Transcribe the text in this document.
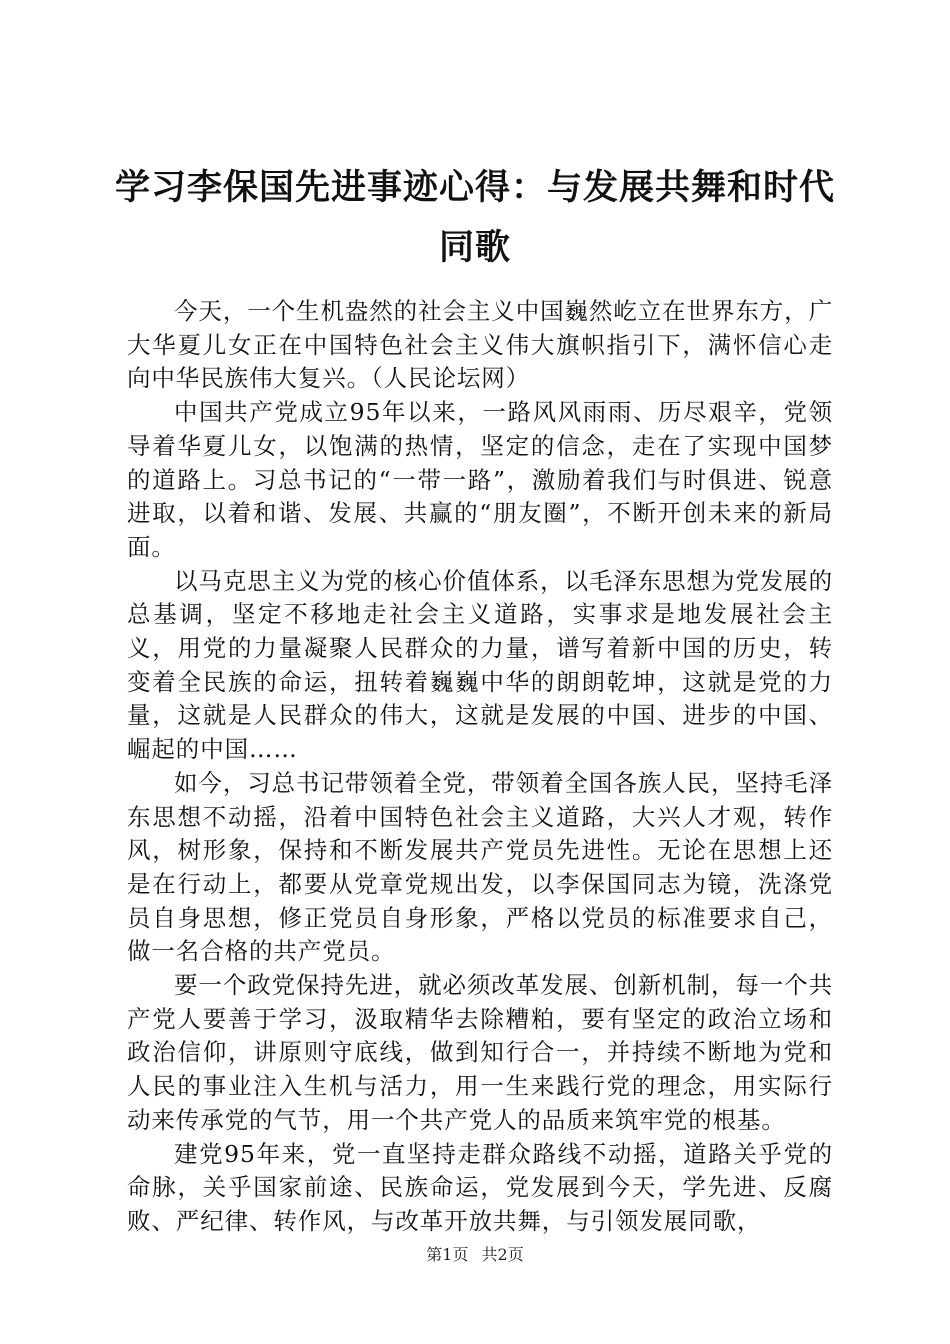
学习李保国先进事迹心得：与发展共舞和时代同歌

今天，一个生机盎然的社会主义中国巍然屹立在世界东方，广大华夏儿女正在中国特色社会主义伟大旗帜指引下，满怀信心走向中华民族伟大复兴。（人民论坛网）

中国共产党成立95年以来，一路风风雨雨、历尽艰辛，党领导着华夏儿女，以饱满的热情，坚定的信念，走在了实现中国梦的道路上。习总书记的“一带一路”，激励着我们与时俱进、锐意进取，以着和谐、发展、共赢的“朋友圈”，不断开创未来的新局面。

以马克思主义为党的核心价值体系，以毛泽东思想为党发展的总基调，坚定不移地走社会主义道路，实事求是地发展社会主义，用党的力量凝聚人民群众的力量，谱写着新中国的历史，转变着全民族的命运，扭转着巍巍中华的朗朗乾坤，这就是党的力量，这就是人民群众的伟大，这就是发展的中国、进步的中国、崛起的中国……

如今，习总书记带领着全党，带领着全国各族人民，坚持毛泽东思想不动摇，沿着中国特色社会主义道路，大兴人才观，转作风，树形象，保持和不断发展共产党员先进性。无论在思想上还是在行动上，都要从党章党规出发，以李保国同志为镜，洗涤党员自身思想，修正党员自身形象，严格以党员的标准要求自己，做一名合格的共产党员。

要一个政党保持先进，就必须改革发展、创新机制，每一个共产党人要善于学习，汲取精华去除糟粕，要有坚定的政治立场和政治信仰，讲原则守底线，做到知行合一，并持续不断地为党和人民的事业注入生机与活力，用一生来践行党的理念，用实际行动来传承党的气节，用一个共产党人的品质来筑牢党的根基。

建党95年来，党一直坚持走群众路线不动摇，道路关乎党的命脉，关乎国家前途、民族命运，党发展到今天，学先进、反腐败、严纪律、转作风，与改革开放共舞，与引领发展同歌，

第1页 共2页
